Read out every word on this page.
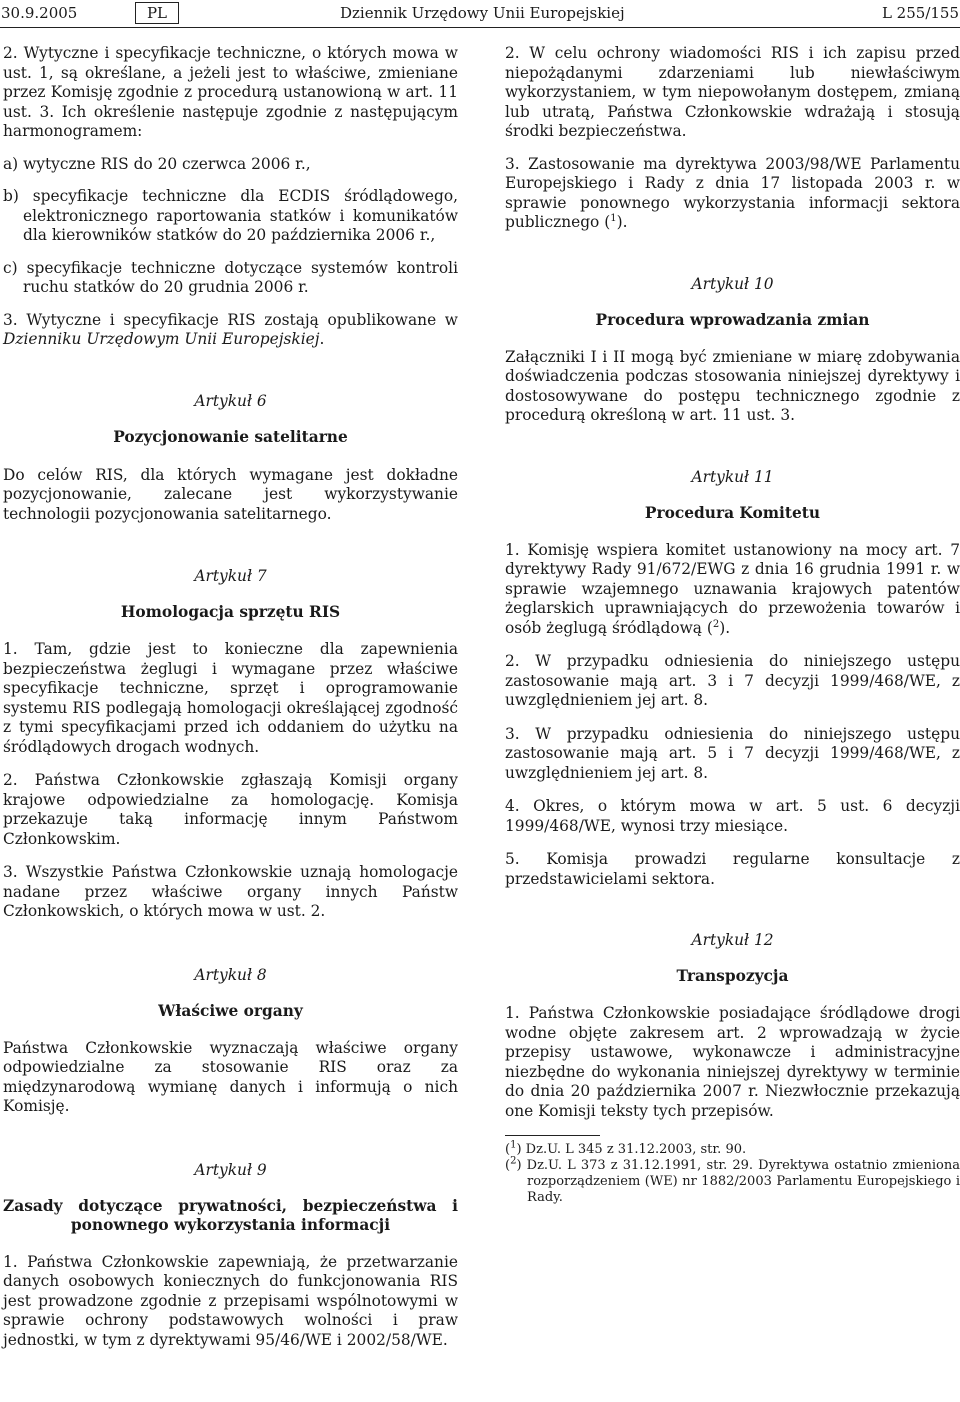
30.9.2005	PL	Dziennik Urzędowy Unii Europejskiej	L 255/155

2. Wytyczne i specyfikacje techniczne, o których mowa w ust. 1, są określane, a jeżeli jest to właściwe, zmieniane przez Komisję zgodnie z procedurą ustanowioną w art. 11 ust. 3. Ich określenie następuje zgodnie z następującym harmonogramem:

a) wytyczne RIS do 20 czerwca 2006 r.,

b) specyfikacje techniczne dla ECDIS śródlądowego, elektronicznego raportowania statków i komunikatów dla kierowników statków do 20 października 2006 r.,

c) specyfikacje techniczne dotyczące systemów kontroli ruchu statków do 20 grudnia 2006 r.

3. Wytyczne i specyfikacje RIS zostają opublikowane w Dzienniku Urzędowym Unii Europejskiej.

Artykuł 6

Pozycjonowanie satelitarne

Do celów RIS, dla których wymagane jest dokładne pozycjonowanie, zalecane jest wykorzystywanie technologii pozycjonowania satelitarnego.

Artykuł 7

Homologacja sprzętu RIS

1. Tam, gdzie jest to konieczne dla zapewnienia bezpieczeństwa żeglugi i wymagane przez właściwe specyfikacje techniczne, sprzęt i oprogramowanie systemu RIS podlegają homologacji określającej zgodność z tymi specyfikacjami przed ich oddaniem do użytku na śródlądowych drogach wodnych.

2. Państwa Członkowskie zgłaszają Komisji organy krajowe odpowiedzialne za homologację. Komisja przekazuje taką informację innym Państwom Członkowskim.

3. Wszystkie Państwa Członkowskie uznają homologacje nadane przez właściwe organy innych Państw Członkowskich, o których mowa w ust. 2.

Artykuł 8

Właściwe organy

Państwa Członkowskie wyznaczają właściwe organy odpowiedzialne za stosowanie RIS oraz za międzynarodową wymianę danych i informują o nich Komisję.

Artykuł 9

Zasady dotyczące prywatności, bezpieczeństwa i ponownego wykorzystania informacji

1. Państwa Członkowskie zapewniają, że przetwarzanie danych osobowych koniecznych do funkcjonowania RIS jest prowadzone zgodnie z przepisami wspólnotowymi w sprawie ochrony podstawowych wolności i praw jednostki, w tym z dyrektywami 95/46/WE i 2002/58/WE.

2. W celu ochrony wiadomości RIS i ich zapisu przed niepożądanymi zdarzeniami lub niewłaściwym wykorzystaniem, w tym niepowołanym dostępem, zmianą lub utratą, Państwa Członkowskie wdrażają i stosują środki bezpieczeństwa.

3. Zastosowanie ma dyrektywa 2003/98/WE Parlamentu Europejskiego i Rady z dnia 17 listopada 2003 r. w sprawie ponownego wykorzystania informacji sektora publicznego ($^1$).

Artykuł 10

Procedura wprowadzania zmian

Załączniki I i II mogą być zmieniane w miarę zdobywania doświadczenia podczas stosowania niniejszej dyrektywy i dostosowywane do postępu technicznego zgodnie z procedurą określoną w art. 11 ust. 3.

Artykuł 11

Procedura Komitetu

1. Komisję wspiera komitet ustanowiony na mocy art. 7 dyrektywy Rady 91/672/EWG z dnia 16 grudnia 1991 r. w sprawie wzajemnego uznawania krajowych patentów żeglarskich uprawniających do przewożenia towarów i osób żeglugą śródlądową ($^2$).

2. W przypadku odniesienia do niniejszego ustępu zastosowanie mają art. 3 i 7 decyzji 1999/468/WE, z uwzględnieniem jej art. 8.

3. W przypadku odniesienia do niniejszego ustępu zastosowanie mają art. 5 i 7 decyzji 1999/468/WE, z uwzględnieniem jej art. 8.

4. Okres, o którym mowa w art. 5 ust. 6 decyzji 1999/468/WE, wynosi trzy miesiące.

5. Komisja prowadzi regularne konsultacje z przedstawicielami sektora.

Artykuł 12

Transpozycja

1. Państwa Członkowskie posiadające śródlądowe drogi wodne objęte zakresem art. 2 wprowadzają w życie przepisy ustawowe, wykonawcze i administracyjne niezbędne do wykonania niniejszej dyrektywy w terminie do dnia 20 października 2007 r. Niezwłocznie przekazują one Komisji teksty tych przepisów.

($^1$) Dz.U. L 345 z 31.12.2003, str. 90.

($^2$) Dz.U. L 373 z 31.12.1991, str. 29. Dyrektywa ostatnio zmieniona rozporządzeniem (WE) nr 1882/2003 Parlamentu Europejskiego i Rady.
